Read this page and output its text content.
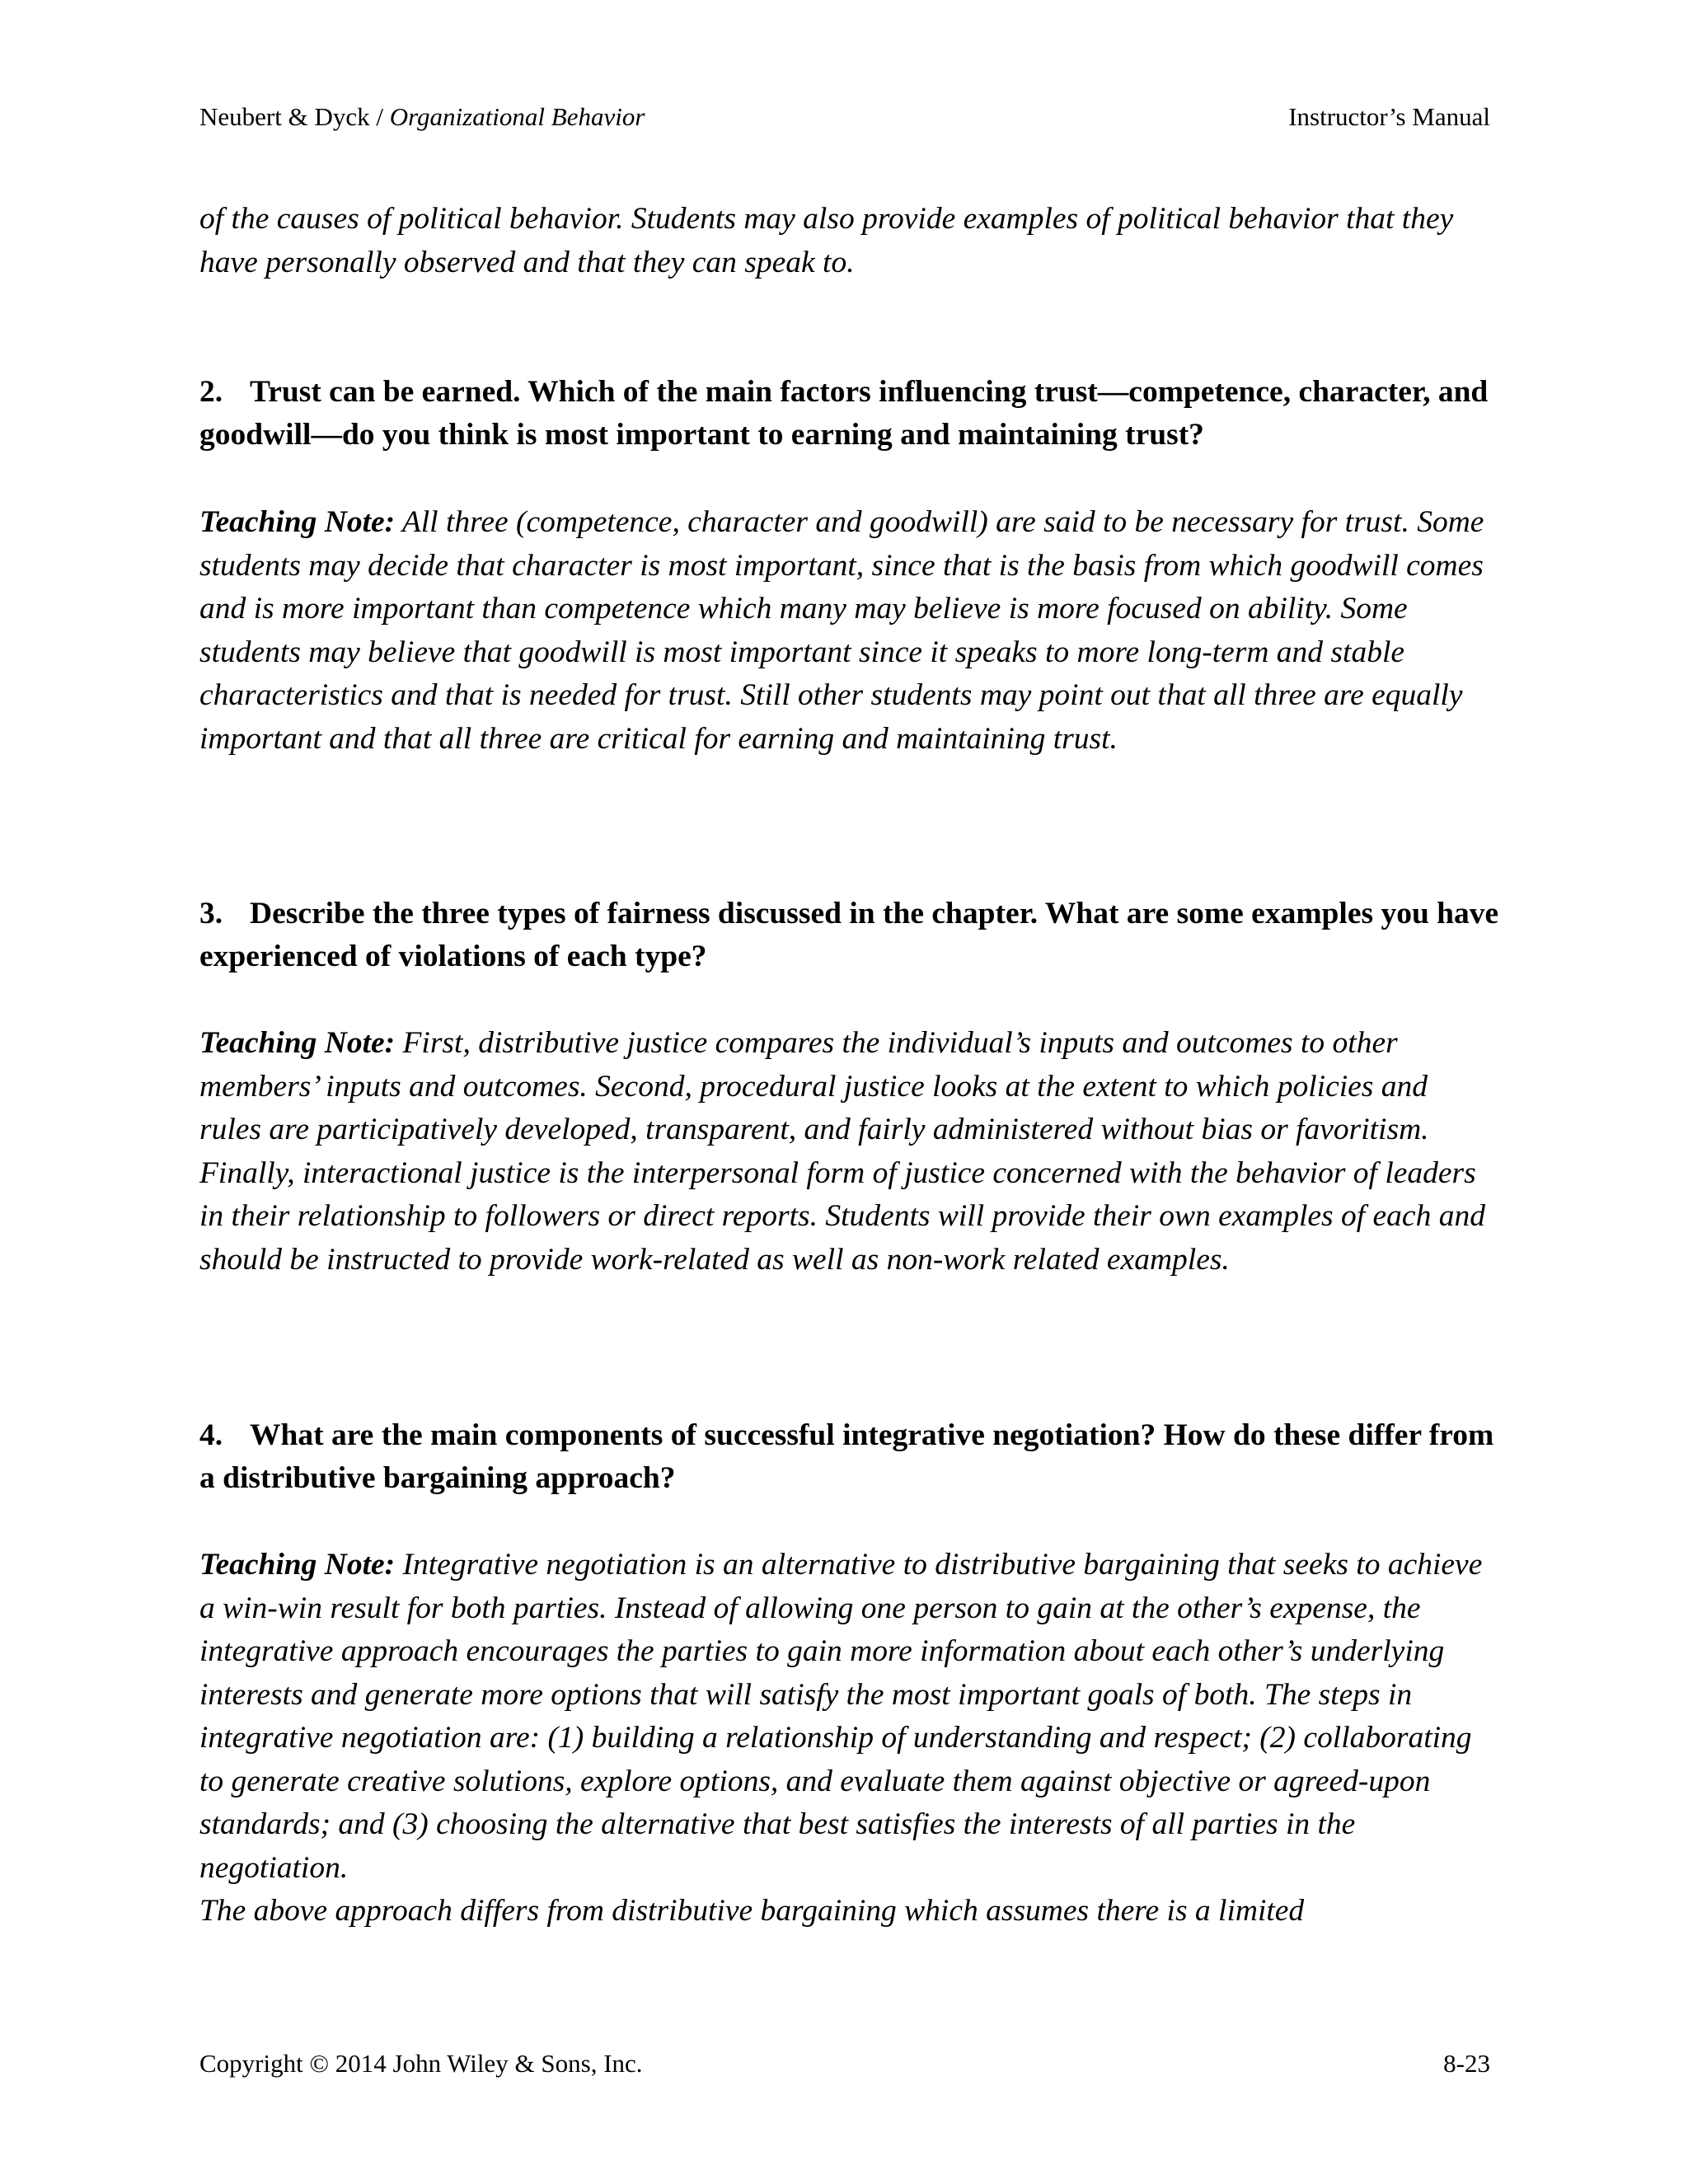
Neubert & Dyck / Organizational Behavior	Instructor’s Manual

of the causes of political behavior. Students may also provide examples of political behavior that they have personally observed and that they can speak to.

2. Trust can be earned. Which of the main factors influencing trust—competence, character, and goodwill—do you think is most important to earning and maintaining trust?

Teaching Note: All three (competence, character and goodwill) are said to be necessary for trust. Some students may decide that character is most important, since that is the basis from which goodwill comes and is more important than competence which many may believe is more focused on ability. Some students may believe that goodwill is most important since it speaks to more long-term and stable characteristics and that is needed for trust. Still other students may point out that all three are equally important and that all three are critical for earning and maintaining trust.

3. Describe the three types of fairness discussed in the chapter. What are some examples you have experienced of violations of each type?

Teaching Note: First, distributive justice compares the individual’s inputs and outcomes to other members’ inputs and outcomes. Second, procedural justice looks at the extent to which policies and rules are participatively developed, transparent, and fairly administered without bias or favoritism. Finally, interactional justice is the interpersonal form of justice concerned with the behavior of leaders in their relationship to followers or direct reports. Students will provide their own examples of each and should be instructed to provide work-related as well as non-work related examples.

4. What are the main components of successful integrative negotiation? How do these differ from a distributive bargaining approach?

Teaching Note: Integrative negotiation is an alternative to distributive bargaining that seeks to achieve a win-win result for both parties. Instead of allowing one person to gain at the other’s expense, the integrative approach encourages the parties to gain more information about each other’s underlying interests and generate more options that will satisfy the most important goals of both. The steps in integrative negotiation are: (1) building a relationship of understanding and respect; (2) collaborating to generate creative solutions, explore options, and evaluate them against objective or agreed-upon standards; and (3) choosing the alternative that best satisfies the interests of all parties in the negotiation.

The above approach differs from distributive bargaining which assumes there is a limited

Copyright © 2014 John Wiley & Sons, Inc.	8-23
